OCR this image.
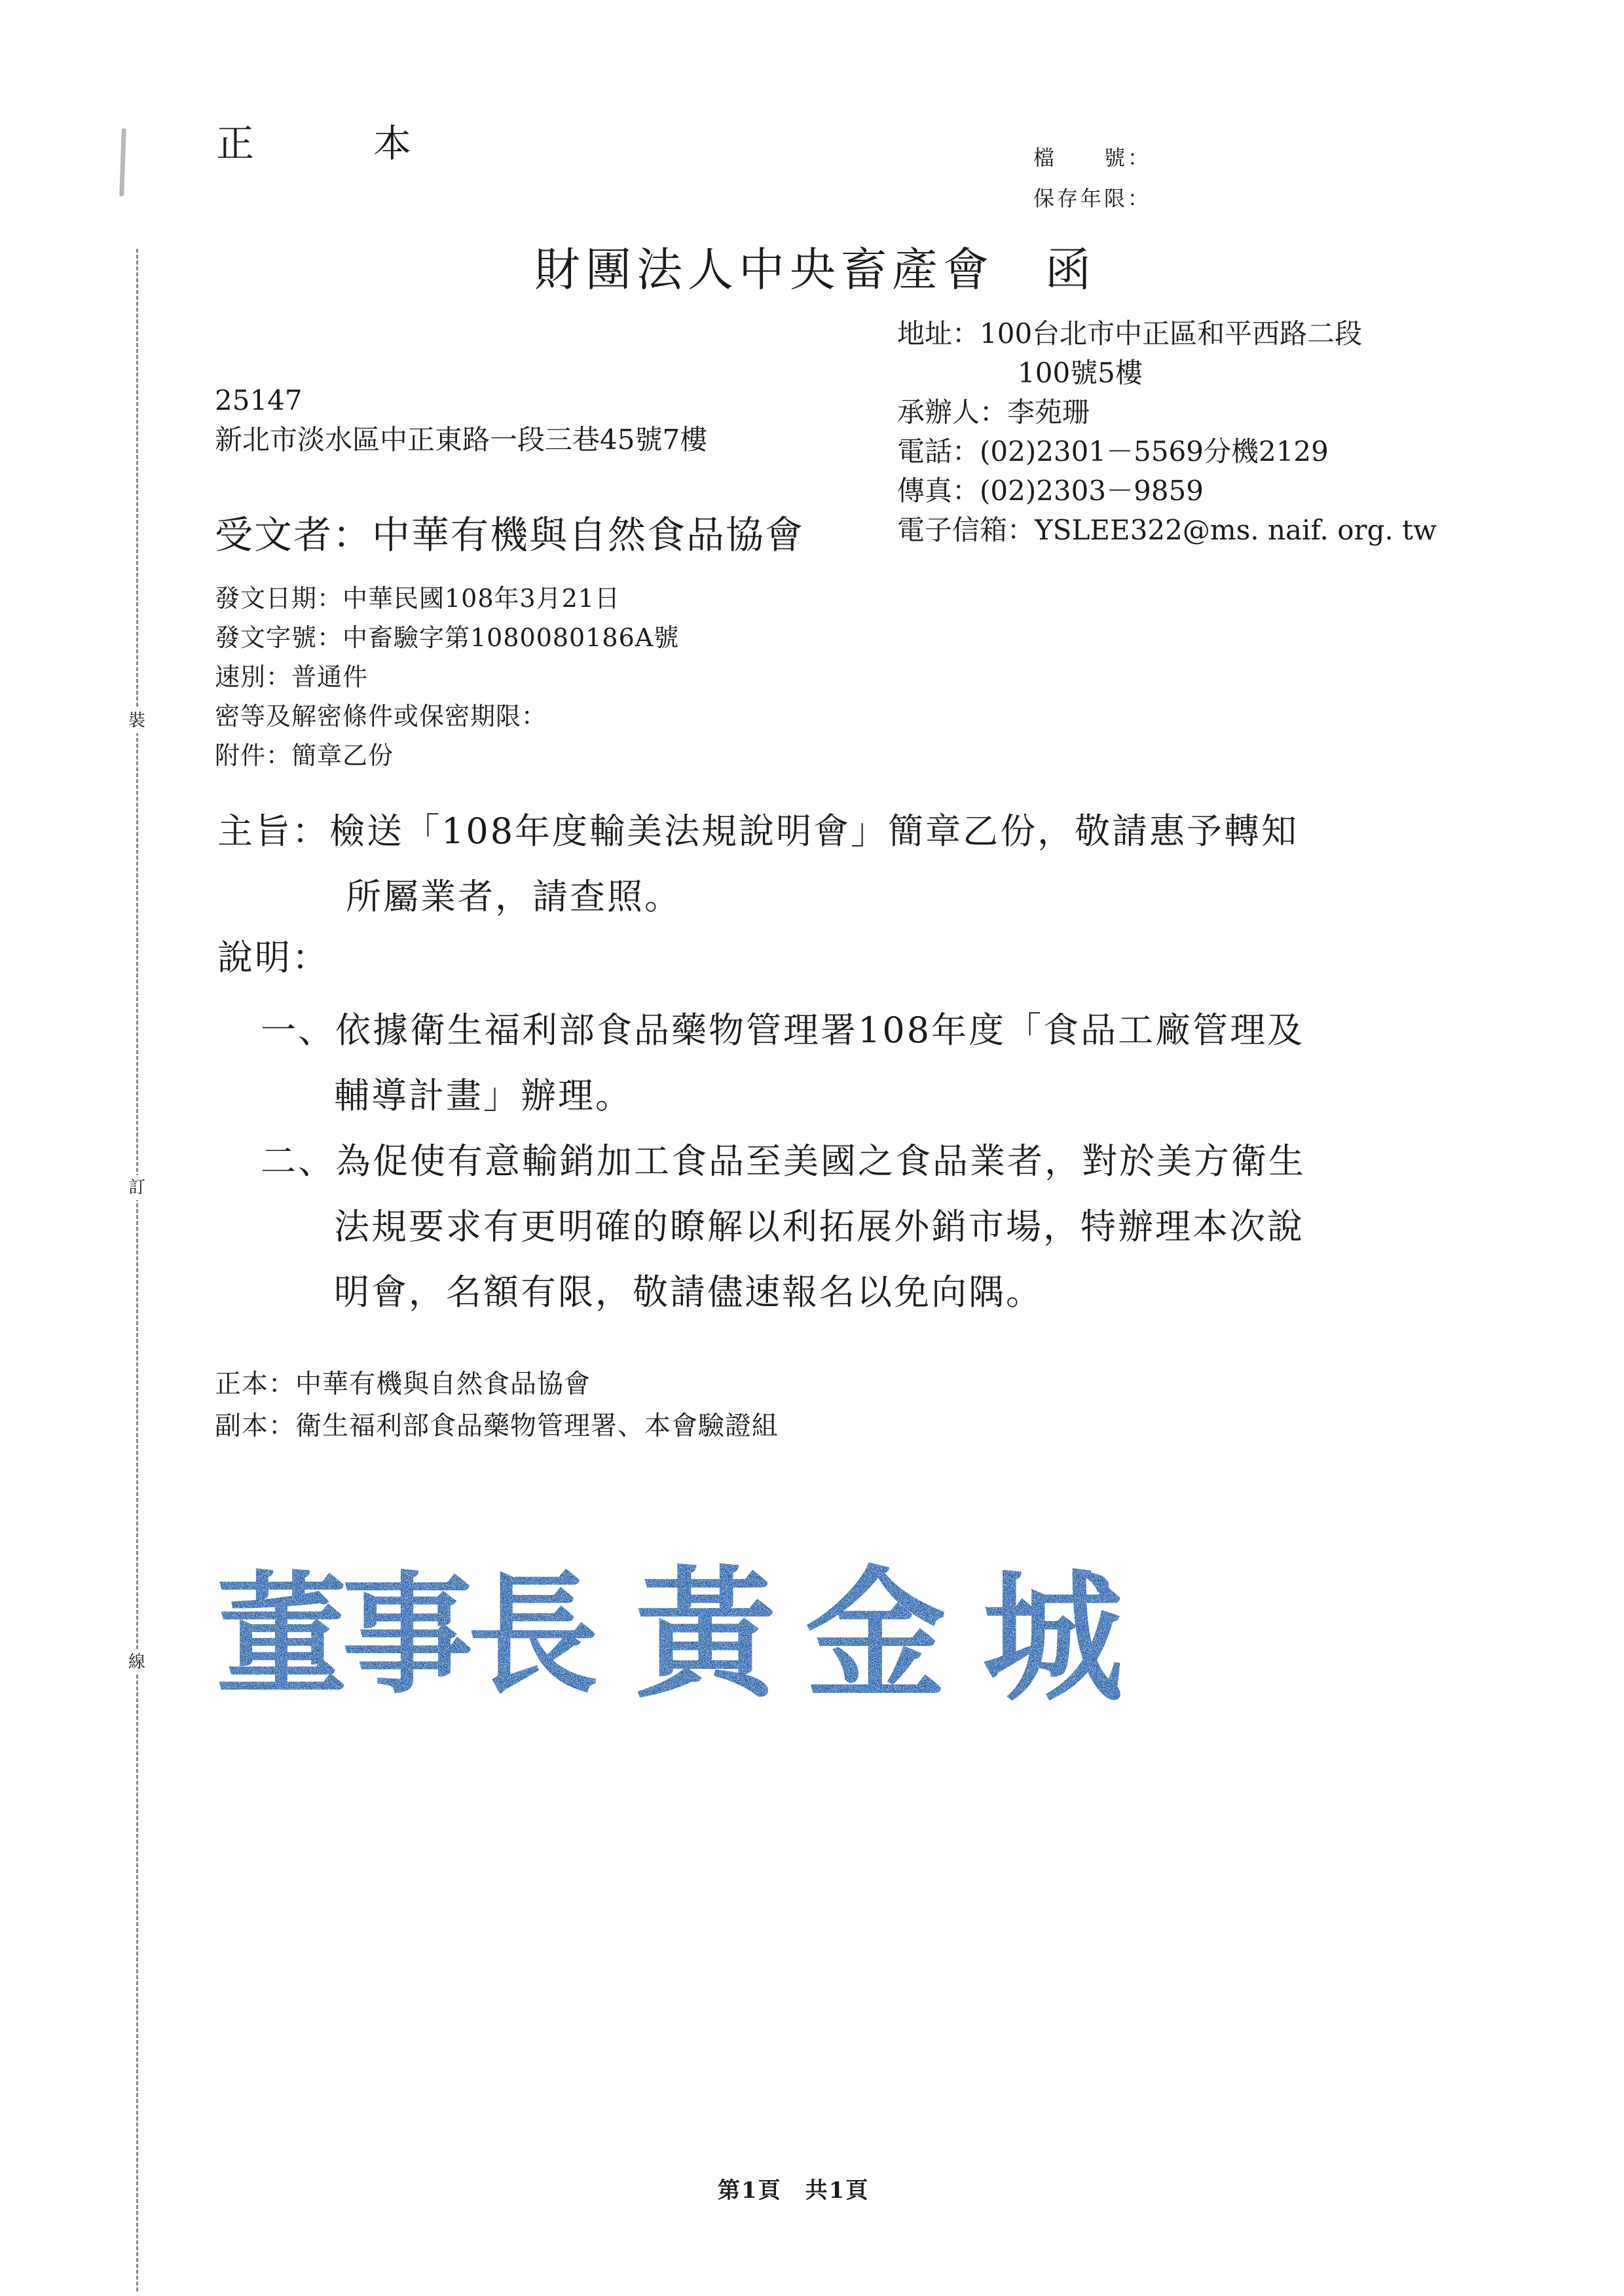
正　本	檔　　號：
保存年限：
裝
訂
線
財團法人中央畜產會　函
地址：100台北市中正區和平西路二段
100號5樓
承辦人：李苑珊
電話：(02)2301－5569分機2129
傳真：(02)2303－9859
電子信箱：YSLEE322@ms. naif. org. tw
25147
新北市淡水區中正東路一段三巷45號7樓
受文者：中華有機與自然食品協會
發文日期：中華民國108年3月21日
發文字號：中畜驗字第1080080186A號
速別：普通件
密等及解密條件或保密期限：
附件：簡章乙份
主旨：檢送「108年度輸美法規說明會」簡章乙份，敬請惠予轉知
所屬業者，請查照。
說明：
一、依據衛生福利部食品藥物管理署108年度「食品工廠管理及
輔導計畫」辦理。
二、為促使有意輸銷加工食品至美國之食品業者，對於美方衛生
法規要求有更明確的瞭解以利拓展外銷市場，特辦理本次說
明會，名額有限，敬請儘速報名以免向隅。
正本：中華有機與自然食品協會
副本：衛生福利部食品藥物管理署、本會驗證組
董事長 黃 金 城
第1頁　共1頁
